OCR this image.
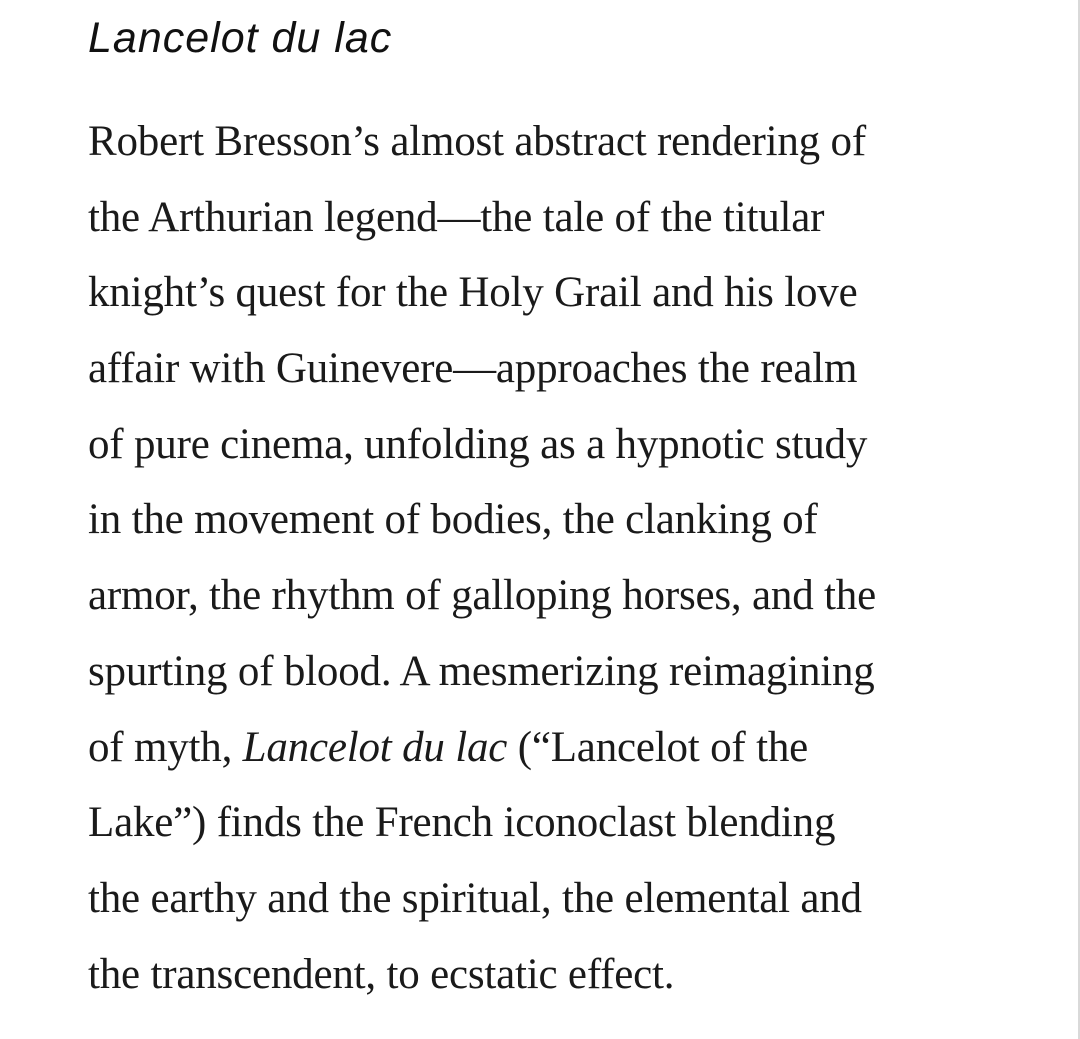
Lancelot du lac

Robert Bresson’s almost abstract rendering of
the Arthurian legend—the tale of the titular
knight’s quest for the Holy Grail and his love
affair with Guinevere—approaches the realm
of pure cinema, unfolding as a hypnotic study
in the movement of bodies, the clanking of
armor, the rhythm of galloping horses, and the
spurting of blood. A mesmerizing reimagining
of myth, Lancelot du lac (“Lancelot of the
Lake”) finds the French iconoclast blending
the earthy and the spiritual, the elemental and
the transcendent, to ecstatic effect.
